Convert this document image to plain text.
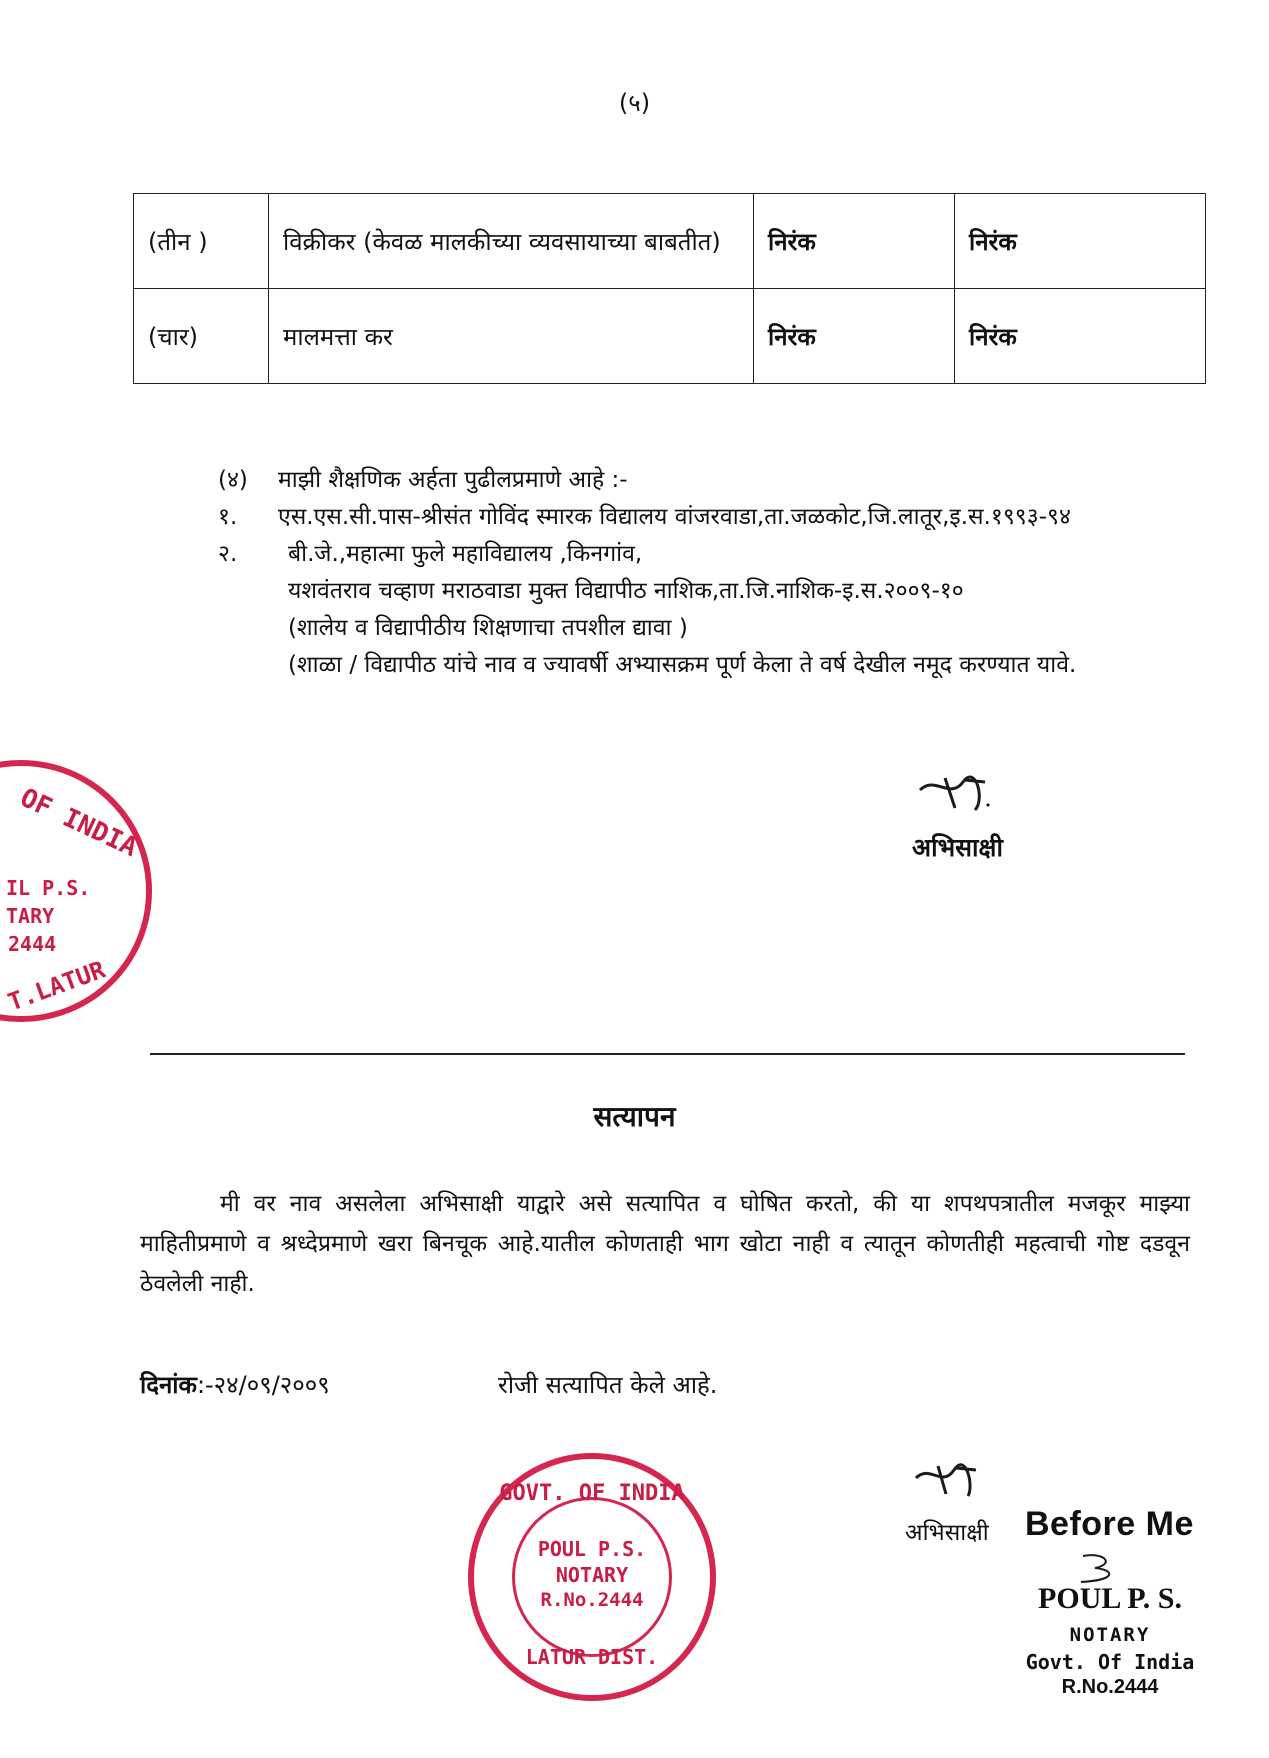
(५)
(तीन )	विक्रीकर (केवळ मालकीच्या व्यवसायाच्या बाबतीत)	निरंक	निरंक
(चार)	मालमत्ता कर	निरंक	निरंक
(४) माझी शैक्षणिक अर्हता पुढीलप्रमाणे आहे :-
१. एस.एस.सी.पास-श्रीसंत गोविंद स्मारक विद्यालय वांजरवाडा,ता.जळकोट,जि.लातूर,इ.स.१९९३-९४
२. बी.जे.,महात्मा फुले महाविद्यालय ,किनगांव,
यशवंतराव चव्हाण मराठवाडा मुक्त विद्यापीठ नाशिक,ता.जि.नाशिक-इ.स.२००९-१०
(शालेय व विद्यापीठीय शिक्षणाचा तपशील द्यावा )
(शाळा / विद्यापीठ यांचे नाव व ज्यावर्षी अभ्यासक्रम पूर्ण केला ते वर्ष देखील नमूद करण्यात यावे.
अभिसाक्षी
OF INDIA
IL P.S.
TARY
2444
T.LATUR
सत्यापन
मी वर नाव असलेला अभिसाक्षी याद्वारे असे सत्यापित व घोषित करतो, की या शपथपत्रातील मजकूर माझ्या माहितीप्रमाणे व श्रध्देप्रमाणे खरा बिनचूक आहे.यातील कोणताही भाग खोटा नाही व त्यातून कोणतीही महत्वाची गोष्ट दडवून ठेवलेली नाही.
दिनांक:-२४/०९/२००९	रोजी सत्यापित केले आहे.
GOVT. OF INDIA
POUL P.S.
NOTARY
R.No.2444
LATUR DIST.
अभिसाक्षी Before Me
POUL P. S.
NOTARY
Govt. Of India
R.No.2444
